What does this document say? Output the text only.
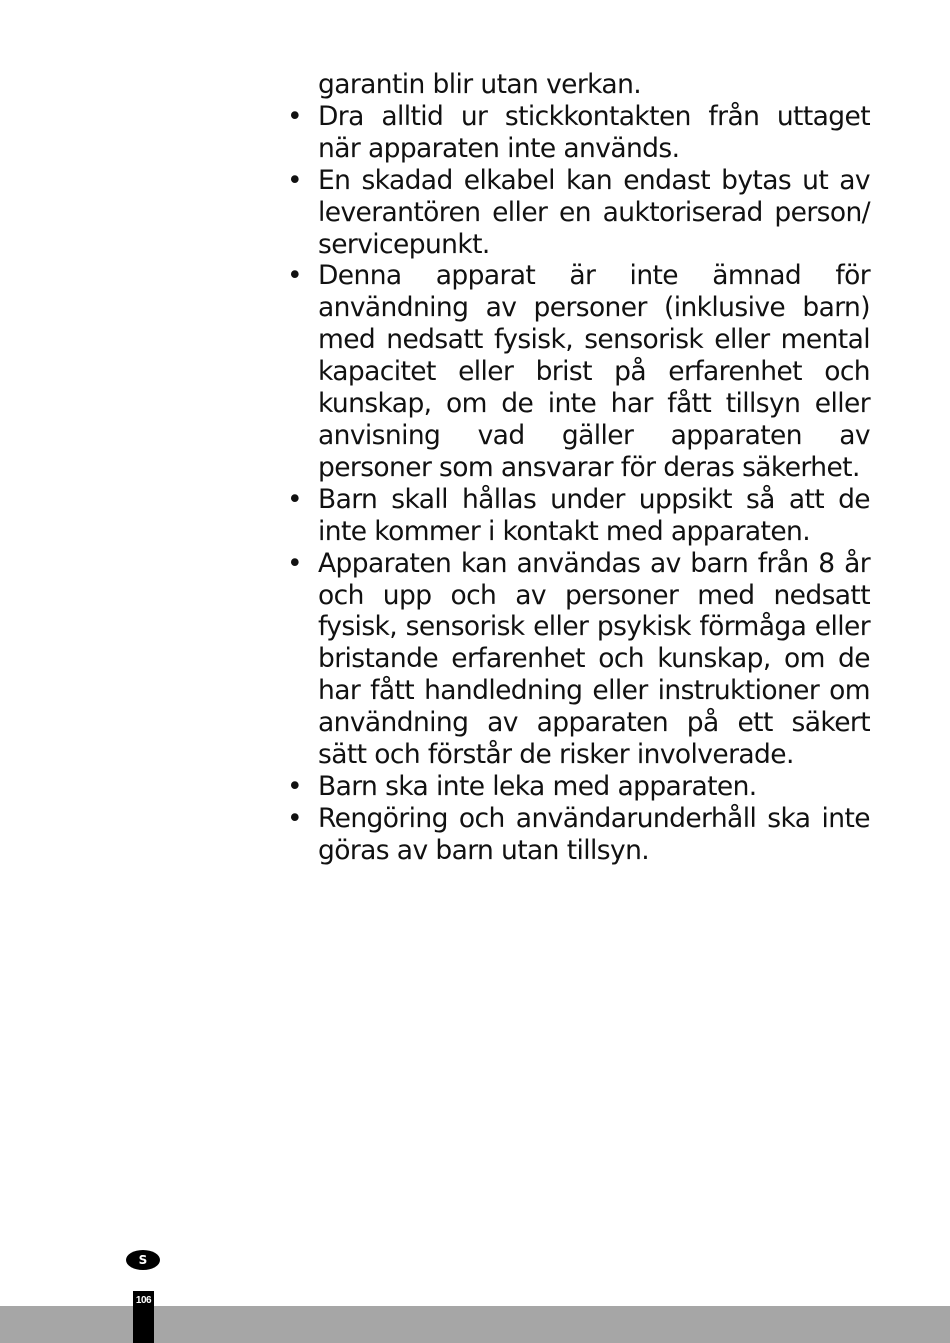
garantin blir utan verkan.

• Dra alltid ur stickkontakten från uttaget när apparaten inte används.
• En skadad elkabel kan endast bytas ut av leverantören eller en auktoriserad person/ servicepunkt.
• Denna apparat är inte ämnad för användning av personer (inklusive barn) med nedsatt fysisk, sensorisk eller mental kapacitet eller brist på erfarenhet och kunskap, om de inte har fått tillsyn eller anvisning vad gäller apparaten av personer som ansvarar för deras säkerhet.
• Barn skall hållas under uppsikt så att de inte kommer i kontakt med apparaten.
• Apparaten kan användas av barn från 8 år och upp och av personer med nedsatt fysisk, sensorisk eller psykisk förmåga eller bristande erfarenhet och kunskap, om de har fått handledning eller instruktioner om användning av apparaten på ett säkert sätt och förstår de risker involverade.
• Barn ska inte leka med apparaten.
• Rengöring och användarunderhåll ska inte göras av barn utan tillsyn.
S
106
